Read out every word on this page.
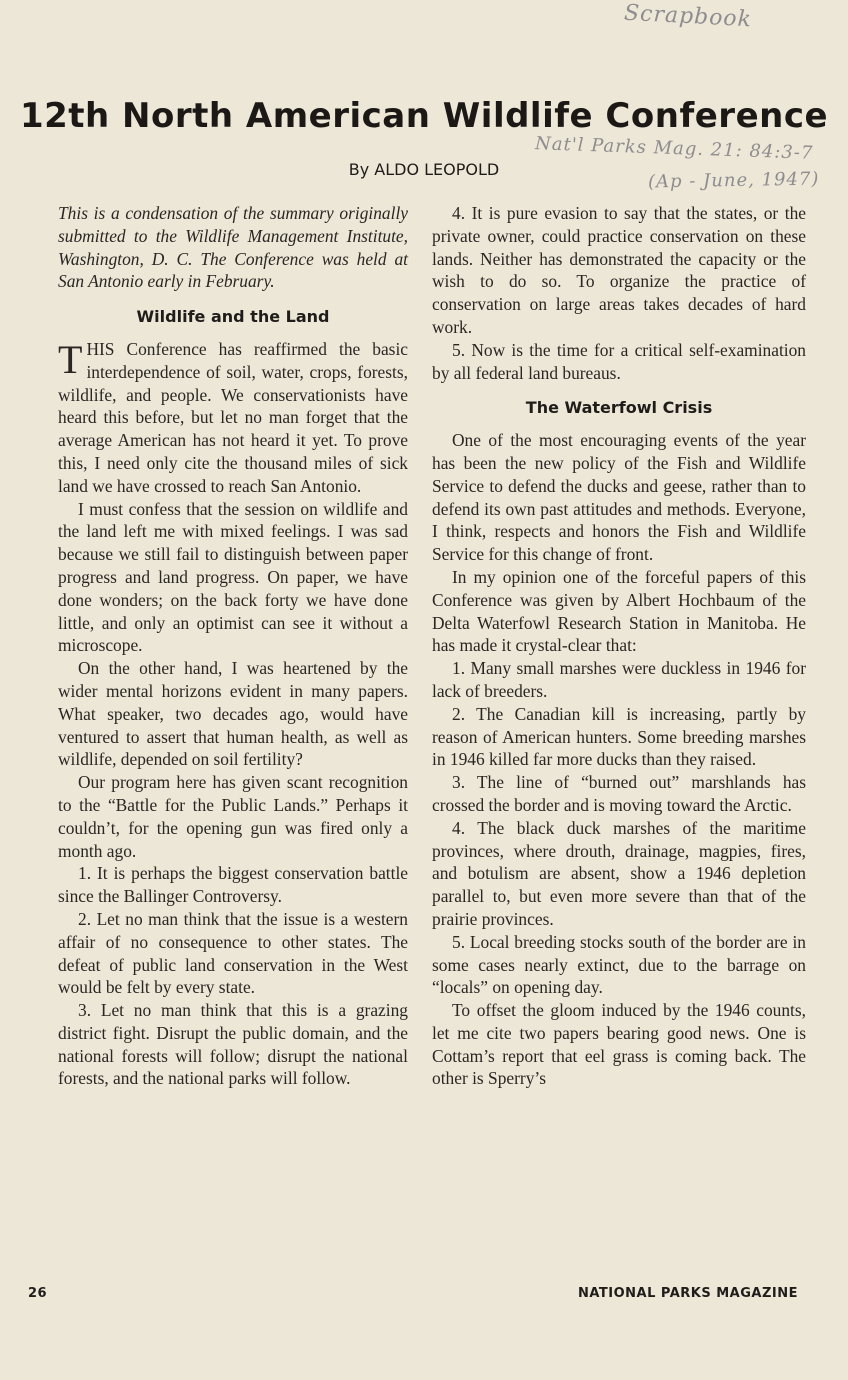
Scrapbook
Nat'l Parks Mag. 21: 84:3-7
(Ap - June, 1947)
12th North American Wildlife Conference
By ALDO LEOPOLD

This is a condensation of the summary originally submitted to the Wildlife Management Institute, Washington, D. C. The Conference was held at San Antonio early in February.

Wildlife and the Land

THIS Conference has reaffirmed the basic interdependence of soil, water, crops, forests, wildlife, and people. We conservationists have heard this before, but let no man forget that the average American has not heard it yet. To prove this, I need only cite the thousand miles of sick land we have crossed to reach San Antonio.

I must confess that the session on wildlife and the land left me with mixed feelings. I was sad because we still fail to distinguish between paper progress and land progress. On paper, we have done wonders; on the back forty we have done little, and only an optimist can see it without a microscope.

On the other hand, I was heartened by the wider mental horizons evident in many papers. What speaker, two decades ago, would have ventured to assert that human health, as well as wildlife, depended on soil fertility?

Our program here has given scant recognition to the “Battle for the Public Lands.” Perhaps it couldn’t, for the opening gun was fired only a month ago.

1. It is perhaps the biggest conservation battle since the Ballinger Controversy.

2. Let no man think that the issue is a western affair of no consequence to other states. The defeat of public land conservation in the West would be felt by every state.

3. Let no man think that this is a grazing district fight. Disrupt the public domain, and the national forests will follow; disrupt the national forests, and the national parks will follow.

4. It is pure evasion to say that the states, or the private owner, could practice conservation on these lands. Neither has demonstrated the capacity or the wish to do so. To organize the practice of conservation on large areas takes decades of hard work.

5. Now is the time for a critical self-examination by all federal land bureaus.

The Waterfowl Crisis

One of the most encouraging events of the year has been the new policy of the Fish and Wildlife Service to defend the ducks and geese, rather than to defend its own past attitudes and methods. Everyone, I think, respects and honors the Fish and Wildlife Service for this change of front.

In my opinion one of the forceful papers of this Conference was given by Albert Hochbaum of the Delta Waterfowl Research Station in Manitoba. He has made it crystal-clear that:

1. Many small marshes were duckless in 1946 for lack of breeders.

2. The Canadian kill is increasing, partly by reason of American hunters. Some breeding marshes in 1946 killed far more ducks than they raised.

3. The line of “burned out” marshlands has crossed the border and is moving toward the Arctic.

4. The black duck marshes of the maritime provinces, where drouth, drainage, magpies, fires, and botulism are absent, show a 1946 depletion parallel to, but even more severe than that of the prairie provinces.

5. Local breeding stocks south of the border are in some cases nearly extinct, due to the barrage on “locals” on opening day.

To offset the gloom induced by the 1946 counts, let me cite two papers bearing good news. One is Cottam’s report that eel grass is coming back. The other is Sperry’s

26	NATIONAL PARKS MAGAZINE
